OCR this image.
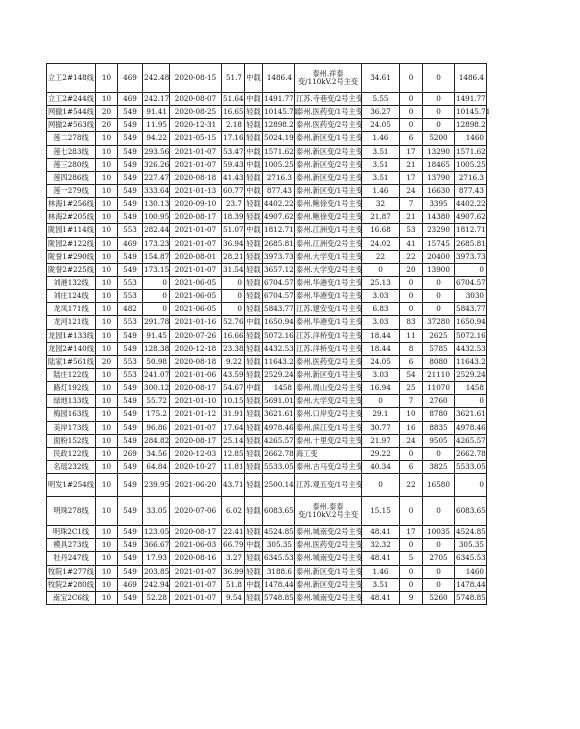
立工2#148线	10	469	242.48	2020-08-15	51.7	中载	1486.4	泰州.祥泰变/110kV.2号主变	34.61	0	0	1486.4
立工2#244线	10	469	242.17	2020-08-07	51.64	中载	1491.77	江苏.寺巷变/2号主变	5.55	0	0	1491.77
网撤1#544线	20	549	91.41	2020-08-25	16.65	轻载	10145.71	泰州.医药变/1号主变	36.27	0	0	10145.71
网撤2#563线	20	549	11.95	2020-12-31	2.18	轻载	12898.2	泰州.医药变/2号主变	24.05	0	0	12898.2
莲二278线	10	549	94.22	2021-05-15	17.16	轻载	5024.19	泰州.新区变/1号主变	1.46	6	5200	1460
莲七283线	10	549	293.56	2021-01-07	53.47	中载	1571.62	泰州.新区变/2号主变	3.51	17	13290	1571.62
莲三280线	10	549	326.26	2021-01-07	59.43	中载	1005.25	泰州.新区变/2号主变	3.51	21	18465	1005.25
莲四286线	10	549	227.47	2020-08-18	41.43	轻载	2716.3	泰州.新区变/2号主变	3.51	17	13790	2716.3
莲一279线	10	549	333.64	2021-01-13	60.77	中载	877.43	泰州.新区变/1号主变	1.46	24	16630	877.43
林海1#256线	10	549	130.13	2020-09-10	23.7	轻载	4402.22	泰州.鲍徐变/1号主变	32	7	3395	4402.22
林海2#205线	10	549	100.95	2020-08-17	18.39	轻载	4907.62	泰州.鲍徐变/2号主变	21.87	21	14380	4907.62
陇园1#114线	10	553	282.44	2021-01-07	51.07	中载	1812.71	泰州.江洲变/1号主变	16.68	53	23290	1812.71
陇园2#122线	10	469	173.23	2021-01-07	36.94	轻载	2685.81	泰州.江洲变/2号主变	24.02	41	15745	2685.81
陇誉1#290线	10	549	154.87	2020-08-01	28.21	轻载	3973.73	泰州.大学变/1号主变	22	22	20400	3973.73
陇誉2#225线	10	549	173.15	2021-01-07	31.54	轻载	3657.12	泰州.大学变/2号主变	0	20	13900	0
刘港132线	10	553	0	2021-06-05	0	轻载	6704.57	泰州.华港变/1号主变	25.13	0	0	6704.57
刘庄124线	10	553	0	2021-06-05	0	轻载	6704.57	泰州.华港变/1号主变	3.03	0	0	3030
龙凤171线	10	482	0	2021-06-05	0	轻载	5843.77	江苏.建安变/1号主变	6.83	0	0	5843.77
龙河121线	10	553	291.78	2021-01-16	52.76	中载	1650.94	泰州.华港变/1号主变	3.03	83	37280	1650.94
龙园1#133线	10	549	91.45	2020-07-26	16.66	轻载	5072.16	江苏.洋桥变/1号主变	18.44	11	2625	5072.16
龙园2#140线	10	549	128.38	2020-12-18	23.38	轻载	4432.53	江苏.洋桥变/1号主变	18.44	8	5785	4432.53
陆家1#561线	20	553	50.98	2020-08-18	9.22	轻载	11643.2	泰州.医药变/2号主变	24.05	6	8080	11643.2
陆庄122线	10	553	241.07	2021-01-06	43.59	轻载	2529.24	泰州.新区变/1号主变	3.03	54	21110	2529.24
路灯192线	10	549	300.12	2020-08-17	54.67	中载	1458	泰州.周山变/2号主变	16.94	25	11070	1458
绿地133线	10	549	55.72	2021-01-10	10.15	轻载	5691.01	泰州.大学变/2号主变	0	7	2760	0
梅园163线	10	549	175.2	2021-01-12	31.91	轻载	3621.61	泰州.口岸变/2号主变	29.1	10	8780	3621.61
美岸173线	10	549	96.86	2021-01-07	17.64	轻载	4978.46	泰州.滨江变/1号主变	30.77	16	8835	4978.46
面粉152线	10	549	284.82	2020-08-17	25.14	轻载	4265.57	泰州.十里变/2号主变	21.97	24	9505	4265.57
民政122线	10	269	34.56	2020-12-03	12.85	轻载	2662.78	海工变	29.22	0	0	2662.78
名瑶232线	10	549	64.84	2020-10-27	11.81	轻载	5533.05	泰州.古马变/2号主变	40.34	6	3825	5533.05
明发1#254线	10	549	239.95	2021-06-20	43.71	轻载	2500.14	江苏.观五变/1号主变	0	22	16580	0
明珠278线	10	549	33.05	2020-07-06	6.02	轻载	6083.65	泰州.泰泰变/110kV.2号主变	15.15	0	0	6083.65
明珠2C1线	10	549	123.05	2020-08-17	22.41	轻载	4524.85	泰州.城南变/2号主变	48.41	17	10035	4524.85
模具273线	10	549	366.67	2021-06-03	66.79	中载	305.35	泰州.医药变/2号主变	32.32	0	0	305.35
牡丹247线	10	549	17.93	2020-08-16	3.27	轻载	6345.53	泰州.城南变/2号主变	48.41	5	2705	6345.53
牧院1#277线	10	549	203.85	2021-01-07	36.99	轻载	3188.6	泰州.新区变/1号主变	1.46	0	0	1460
牧院2#280线	10	469	242.94	2021-01-07	51.8	中载	1478.44	泰州.新区变/2号主变	3.51	0	0	1478.44
南宝2C6线	10	549	52.28	2021-01-07	9.54	轻载	5748.85	泰州.城南变/2号主变	48.41	9	5260	5748.85
